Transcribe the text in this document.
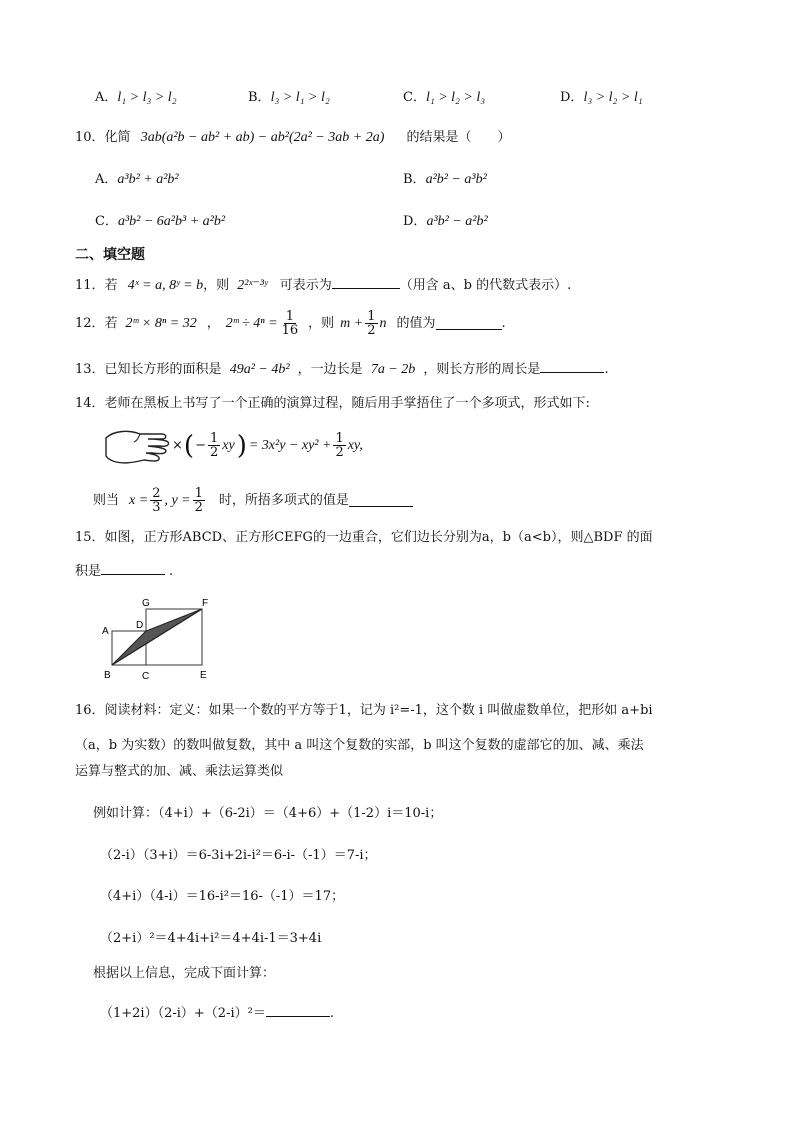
A．l₁ > l₃ > l₂	B．l₃ > l₁ > l₂	C．l₁ > l₂ > l₃	D．l₃ > l₂ > l₁
10．化简 3ab(a²b − ab² + ab) − ab²(2a² − 3ab + 2a) 的结果是（　　）
A．a³b² + a²b²	B．a²b² − a³b²
C．a³b² − 6a²b³ + a²b²	D．a³b² − a²b²
二、填空题
11．若 4ˣ = a, 8ʸ = b，则 2²ˣ⁻³ʸ 可表示为	（用含 a、b 的代数式表示）.
12．若 2ᵐ × 8ⁿ = 32 ， 2ᵐ ÷ $4^n = \frac{1}{16}$ ，则 $m + \frac{1}{2}$ n 的值为	.
13．已知长方形的面积是 49a² − 4b² ，一边长是 7a − 2b ，则长方形的周长是	.
14．老师在黑板上书写了一个正确的演算过程，随后用手掌捂住了一个多项式，形式如下:
× ( − $\frac{1}{2}$ xy ) = $3x^2y - xy^2 + \frac{1}{2}$ xy,
则当 $x = \frac{2}{3}$ , $y = \frac{1}{2}$ 时，所捂多项式的值是
15．如图，正方形ABCD、正方形CEFG的一边重合，它们边长分别为a，b（a<b），则△BDF 的面
积是	.
A
B	C
D
E
F
G
16．阅读材料：定义：如果一个数的平方等于1，记为 i²=-1，这个数 i 叫做虚数单位，把形如 a+bi
（a，b 为实数）的数叫做复数，其中 a 叫这个复数的实部，b 叫这个复数的虚部它的加、减、乘法
运算与整式的加、减、乘法运算类似
例如计算：（4+i）+（6-2i）＝（4+6）+（1-2）i＝10-i；
（2-i）（3+i）＝6-3i+2i-i²＝6-i-（-1）＝7-i；
（4+i）（4-i）＝16-i²＝16-（-1）＝17；
（2+i）²＝4+4i+i²＝4+4i-1＝3+4i
根据以上信息，完成下面计算：
（1+2i）（2-i）+（2-i）²＝	.
